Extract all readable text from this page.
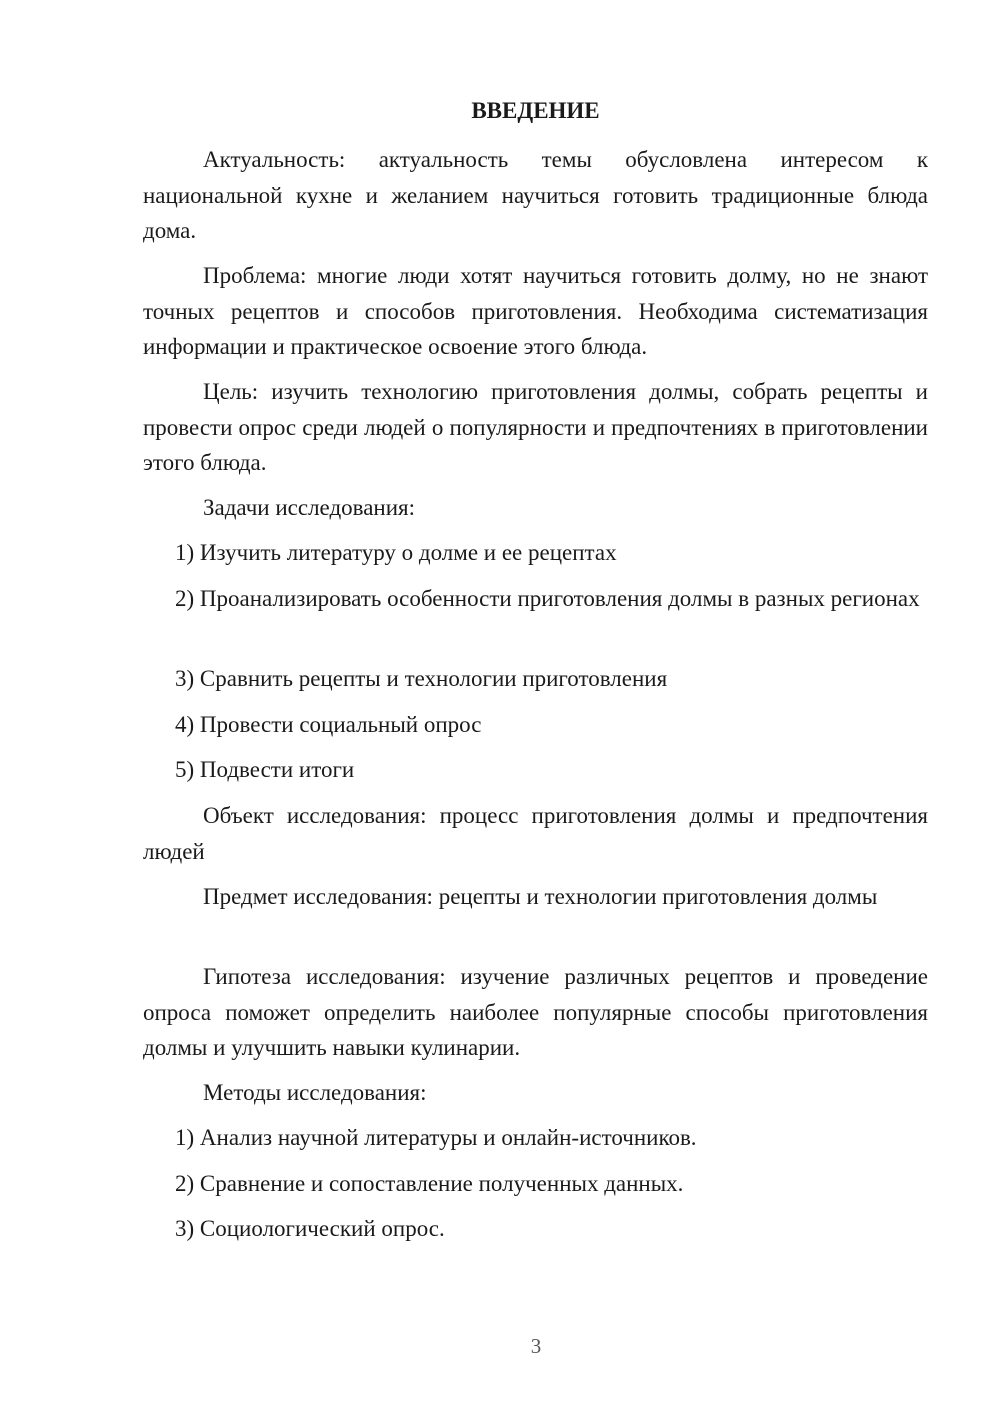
ВВЕДЕНИЕ

Актуальность: актуальность темы обусловлена интересом к национальной кухне и желанием научиться готовить традиционные блюда дома.

Проблема: многие люди хотят научиться готовить долму, но не знают точных рецептов и способов приготовления. Необходима систематизация информации и практическое освоение этого блюда.

Цель: изучить технологию приготовления долмы, собрать рецепты и провести опрос среди людей о популярности и предпочтениях в приготовлении этого блюда.

Задачи исследования:

1) Изучить литературу о долме и ее рецептах

2) Проанализировать особенности приготовления долмы в разных регионах

3) Сравнить рецепты и технологии приготовления

4) Провести социальный опрос

5) Подвести итоги

Объект исследования: процесс приготовления долмы и предпочтения людей

Предмет исследования: рецепты и технологии приготовления долмы

Гипотеза исследования: изучение различных рецептов и проведение опроса поможет определить наиболее популярные способы приготовления долмы и улучшить навыки кулинарии.

Методы исследования:

1) Анализ научной литературы и онлайн-источников.

2) Сравнение и сопоставление полученных данных.

3) Социологический опрос.

3
